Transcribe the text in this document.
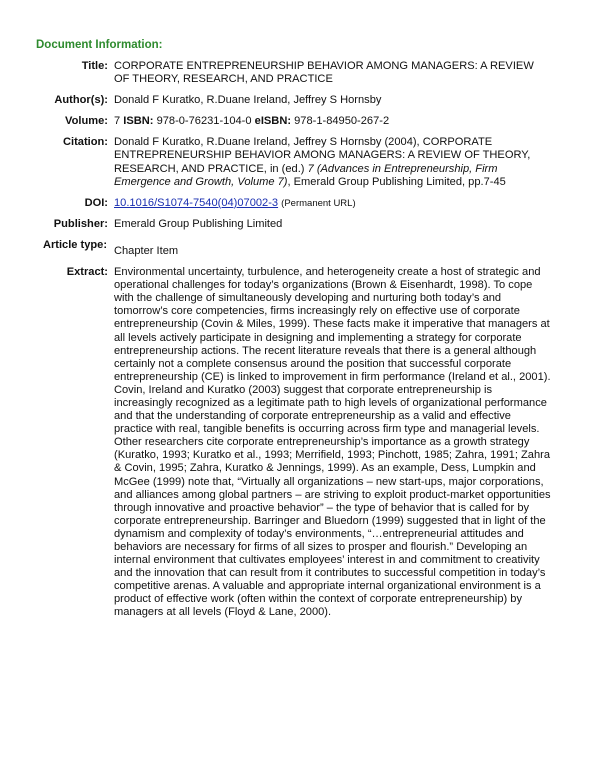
Document Information:
Title:	CORPORATE ENTREPRENEURSHIP BEHAVIOR AMONG MANAGERS: A REVIEW OF THEORY, RESEARCH, AND PRACTICE

Author(s):	Donald F Kuratko, R.Duane Ireland, Jeffrey S Hornsby

Volume:	7 ISBN: 978-0-76231-104-0 eISBN: 978-1-84950-267-2

Citation:	Donald F Kuratko, R.Duane Ireland, Jeffrey S Hornsby (2004), CORPORATE ENTREPRENEURSHIP BEHAVIOR AMONG MANAGERS: A REVIEW OF THEORY, RESEARCH, AND PRACTICE, in (ed.) 7 (Advances in Entrepreneurship, Firm Emergence and Growth, Volume 7), Emerald Group Publishing Limited, pp.7-45

DOI:	10.1016/S1074-7540(04)07002-3 (Permanent URL)

Publisher:	Emerald Group Publishing Limited

Article type:	Chapter Item

Extract:	Environmental uncertainty, turbulence, and heterogeneity create a host of strategic and operational challenges for today’s organizations (Brown & Eisenhardt, 1998). To cope with the challenge of simultaneously developing and nurturing both today’s and tomorrow’s core competencies, firms increasingly rely on effective use of corporate entrepreneurship (Covin & Miles, 1999). These facts make it imperative that managers at all levels actively participate in designing and implementing a strategy for corporate entrepreneurship actions. The recent literature reveals that there is a general although certainly not a complete consensus around the position that successful corporate entrepreneurship (CE) is linked to improvement in firm performance (Ireland et al., 2001). Covin, Ireland and Kuratko (2003) suggest that corporate entrepreneurship is increasingly recognized as a legitimate path to high levels of organizational performance and that the understanding of corporate entrepreneurship as a valid and effective practice with real, tangible benefits is occurring across firm type and managerial levels. Other researchers cite corporate entrepreneurship’s importance as a growth strategy (Kuratko, 1993; Kuratko et al., 1993; Merrifield, 1993; Pinchott, 1985; Zahra, 1991; Zahra & Covin, 1995; Zahra, Kuratko & Jennings, 1999). As an example, Dess, Lumpkin and McGee (1999) note that, “Virtually all organizations – new start-ups, major corporations, and alliances among global partners – are striving to exploit product-market opportunities through innovative and proactive behavior” – the type of behavior that is called for by corporate entrepreneurship. Barringer and Bluedorn (1999) suggested that in light of the dynamism and complexity of today’s environments, “…entrepreneurial attitudes and behaviors are necessary for firms of all sizes to prosper and flourish.” Developing an internal environment that cultivates employees’ interest in and commitment to creativity and the innovation that can result from it contributes to successful competition in today’s competitive arenas. A valuable and appropriate internal organizational environment is a product of effective work (often within the context of corporate entrepreneurship) by managers at all levels (Floyd & Lane, 2000).
